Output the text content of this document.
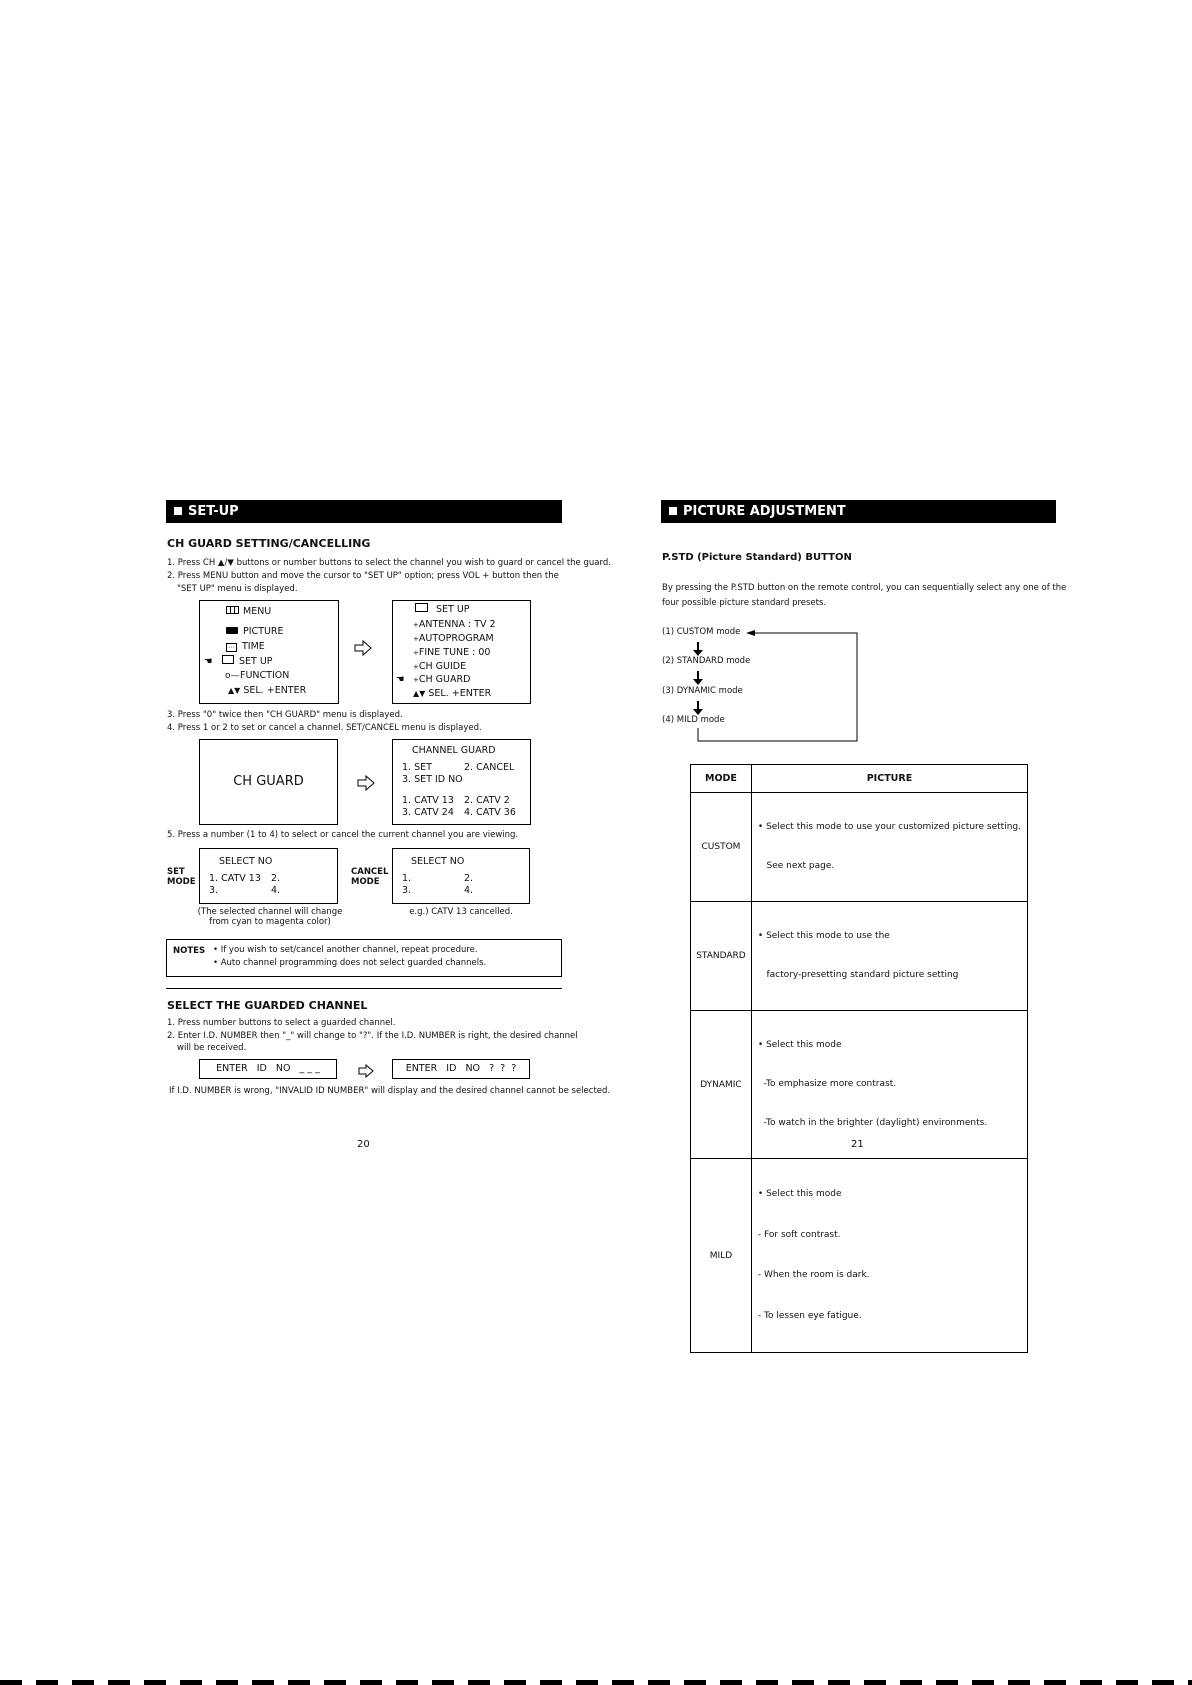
SET-UP
CH GUARD SETTING/CANCELLING
1. Press CH ▲/▼ buttons or number buttons to select the channel you wish to guard or cancel the guard.
2. Press MENU button and move the cursor to "SET UP" option; press VOL + button then the
"SET UP" menu is displayed.
MENU
PICTURE
⋯ TIME
☚	SET UP
o—FUNCTION
▲▼ SEL. +ENTER
SET UP
+ANTENNA : TV 2
+AUTOPROGRAM
+FINE TUNE : 00
+CH GUIDE
☚ +CH GUARD
▲▼ SEL. +ENTER
3. Press "0" twice then "CH GUARD" menu is displayed.
4. Press 1 or 2 to set or cancel a channel. SET/CANCEL menu is displayed.
CH GUARD
CHANNEL GUARD
1. SET	2. CANCEL
3. SET ID NO
1. CATV 13 2. CATV 2
3. CATV 24 4. CATV 36
5. Press a number (1 to 4) to select or cancel the current channel you are viewing.
SET
MODE
SELECT NO
1. CATV 13 2.
3.	4.
(The selected channel will change
from cyan to magenta color)
CANCEL
MODE
SELECT NO
1.	2.
3.	4.
e.g.) CATV 13 cancelled.
NOTES • If you wish to set/cancel another channel, repeat procedure.
• Auto channel programming does not select guarded channels.
SELECT THE GUARDED CHANNEL
1. Press number buttons to select a guarded channel.
2. Enter I.D. NUMBER then "_" will change to "?". If the I.D. NUMBER is right, the desired channel
will be received.
ENTER   ID   NO   _ _ _	ENTER   ID   NO   ?  ?  ?
If I.D. NUMBER is wrong, "INVALID ID NUMBER" will display and the desired channel cannot be selected.
20
PICTURE ADJUSTMENT
P.STD (Picture Standard) BUTTON
By pressing the P.STD button on the remote control, you can sequentially select any one of the
four possible picture standard presets.
(1) CUSTOM mode
(2) STANDARD mode
(3) DYNAMIC mode
(4) MILD mode
MODE	PICTURE
CUSTOM	• Select this mode to use your customized picture setting.

See next page.

STANDARD	• Select this mode to use the

factory-presetting standard picture setting

DYNAMIC	• Select this mode

-To emphasize more contrast.

-To watch in the brighter (daylight) environments.

MILD	• Select this mode

- For soft contrast.

- When the room is dark.

- To lessen eye fatigue.

21
